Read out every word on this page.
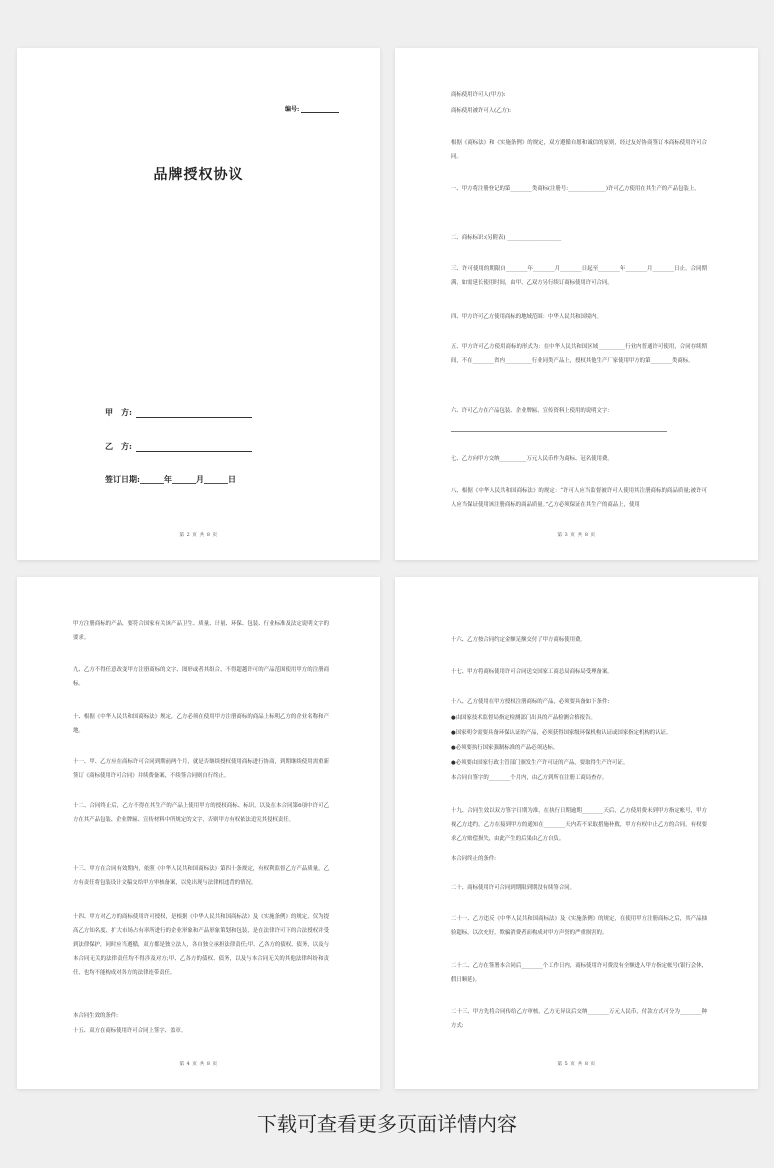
编号:
品牌授权协议
甲　方:
乙　方:
签订日期:______年______月______日
第 2 页 共 8 页

商标使用许可人(甲方):

商标使用被许可人(乙方):

根据《商标法》和《实施条例》的规定，双方遵循自愿和诚信的原则，经过友好协商签订本商标使用许可合同。

一、甲方将注册登记的第________类商标(注册号:______________)许可乙方使用在其生产的产品包装上。

二、商标标识:(另附表) ____________________

三、许可使用的期限自________年________月________日起至________年________月________日止。合同期满，如需延长使用时间，由甲、乙双方另行续订商标使用许可合同。

四、甲方许可乙方使用商标的地域范围：中华人民共和国境内。

五、甲方许可乙方使用商标的形式为：在中华人民共和国区域__________行业内普通许可使用，合同存续期间，不在________省内__________行业同类产品上，授权其他生产厂家使用甲方的第________类商标。

六、许可乙方在产品包装、企业牌匾、宣传资料上使用的说明文字：

七、乙方向甲方交纳__________万元人民币作为商标、冠名使用费。

八、根据《中华人民共和国商标法》的规定：“许可人应当监督被许可人使用其注册商标的商品质量;被许可人应当保证使用该注册商标的商品质量。”乙方必须保证在其生产的商品上，使用

第 3 页 共 8 页

甲方注册商标的产品，要符合国家有关该产品卫生、质量、计量、环保、包装、行业标准及法定说明文字的要求。

九、乙方不得任意改变甲方注册商标的文字、图形或者其组合，不得超越许可的产品范围使用甲方的注册商标。

十、根据《中华人民共和国商标法》规定，乙方必须在使用甲方注册商标的商品上标明乙方的企业名称和产地。

十一、甲、乙方应在商标许可合同到期前两个月，就是否继续授权使用商标进行协商，到期继续使用需重新签订《商标使用许可合同》并续费备案，不续签合同则自行终止。

十二、合同终止后，乙方不得在其生产的产品上使用甲方的授权商标、标识，以及在本合同第6项中许可乙方在其产品包装、企业牌匾、宣传材料中所规定的文字，否则甲方有权依法追究其侵权责任。

十三、甲方在合同有效期内，依照《中华人民共和国商标法》第四十条规定，有权利监督乙方产品质量，乙方有责任将包装设计文稿交给甲方审核备案，以免出现与法律相违背的情况。

十四、甲方对乙方的商标使用许可授权，是根据《中华人民共和国商标法》及《实施条例》的规定，仅为提高乙方知名度、扩大市场占有率所进行的企业形象和产品形象策划和包装，是在法律许可下的合法授权并受到法律保护，同时应当遵循，双方都是独立法人，各自独立承担法律责任;甲、乙各方的债权、债务，以及与本合同无关的法律责任均不得涉及对方;甲、乙各方的债权、债务，以及与本合同无关的其他法律纠纷和责任，也均不能构成对各方的法律连带责任。

本合同生效的条件:

十五、双方在商标使用许可合同上签字、盖章。

第 4 页 共 8 页

十六、乙方按合同约定金额足额交付了甲方商标使用费。

十七、甲方将商标使用许可合同送交国家工商总局商标局受理备案。

十八、乙方使用在甲方授权注册商标的产品，必须要具备如下条件:

●由国家技术监督局指定检测部门出具的产品检测合格报告。

●国家明令需要具备环保认证的产品，必须获得国家级环保机构认证或国家指定机构的认证。

●必须要执行国家强制标准的产品必须达标。

●必须要由国家行政主管部门颁发生产许可证的产品，要取得生产许可证。

本合同自签字的________个月内，由乙方到所在注册工商局查存。

十九、合同生效以双方签字日期为准，在执行日期逾期________天后，乙方使用费未到甲方指定帐号，甲方视乙方违约。乙方在接到甲方的通知在________天内若不采取措施补救，甲方有权中止乙方的合同，有权要求乙方赔偿损失，由此产生的后果由乙方自负。

本合同终止的条件:

二十、商标使用许可合同到期限到期没有续签合同。

二十一、乙方违反《中华人民共和国商标法》及《实施条例》的规定，在使用甲方注册商标之后，其产品抽验超标，以次充好，欺骗消费者而构成对甲方声誉的严重损害的。

二十二、乙方在签署本合同后________个工作日内，商标使用许可费没有全额进入甲方指定帐号(银行会休，假日顺延)。

二十三、甲方先将合同传给乙方审核，乙方无异议后交纳________万元人民币，付款方式可分为________种方式:

第 5 页 共 8 页
下载可查看更多页面详情内容
